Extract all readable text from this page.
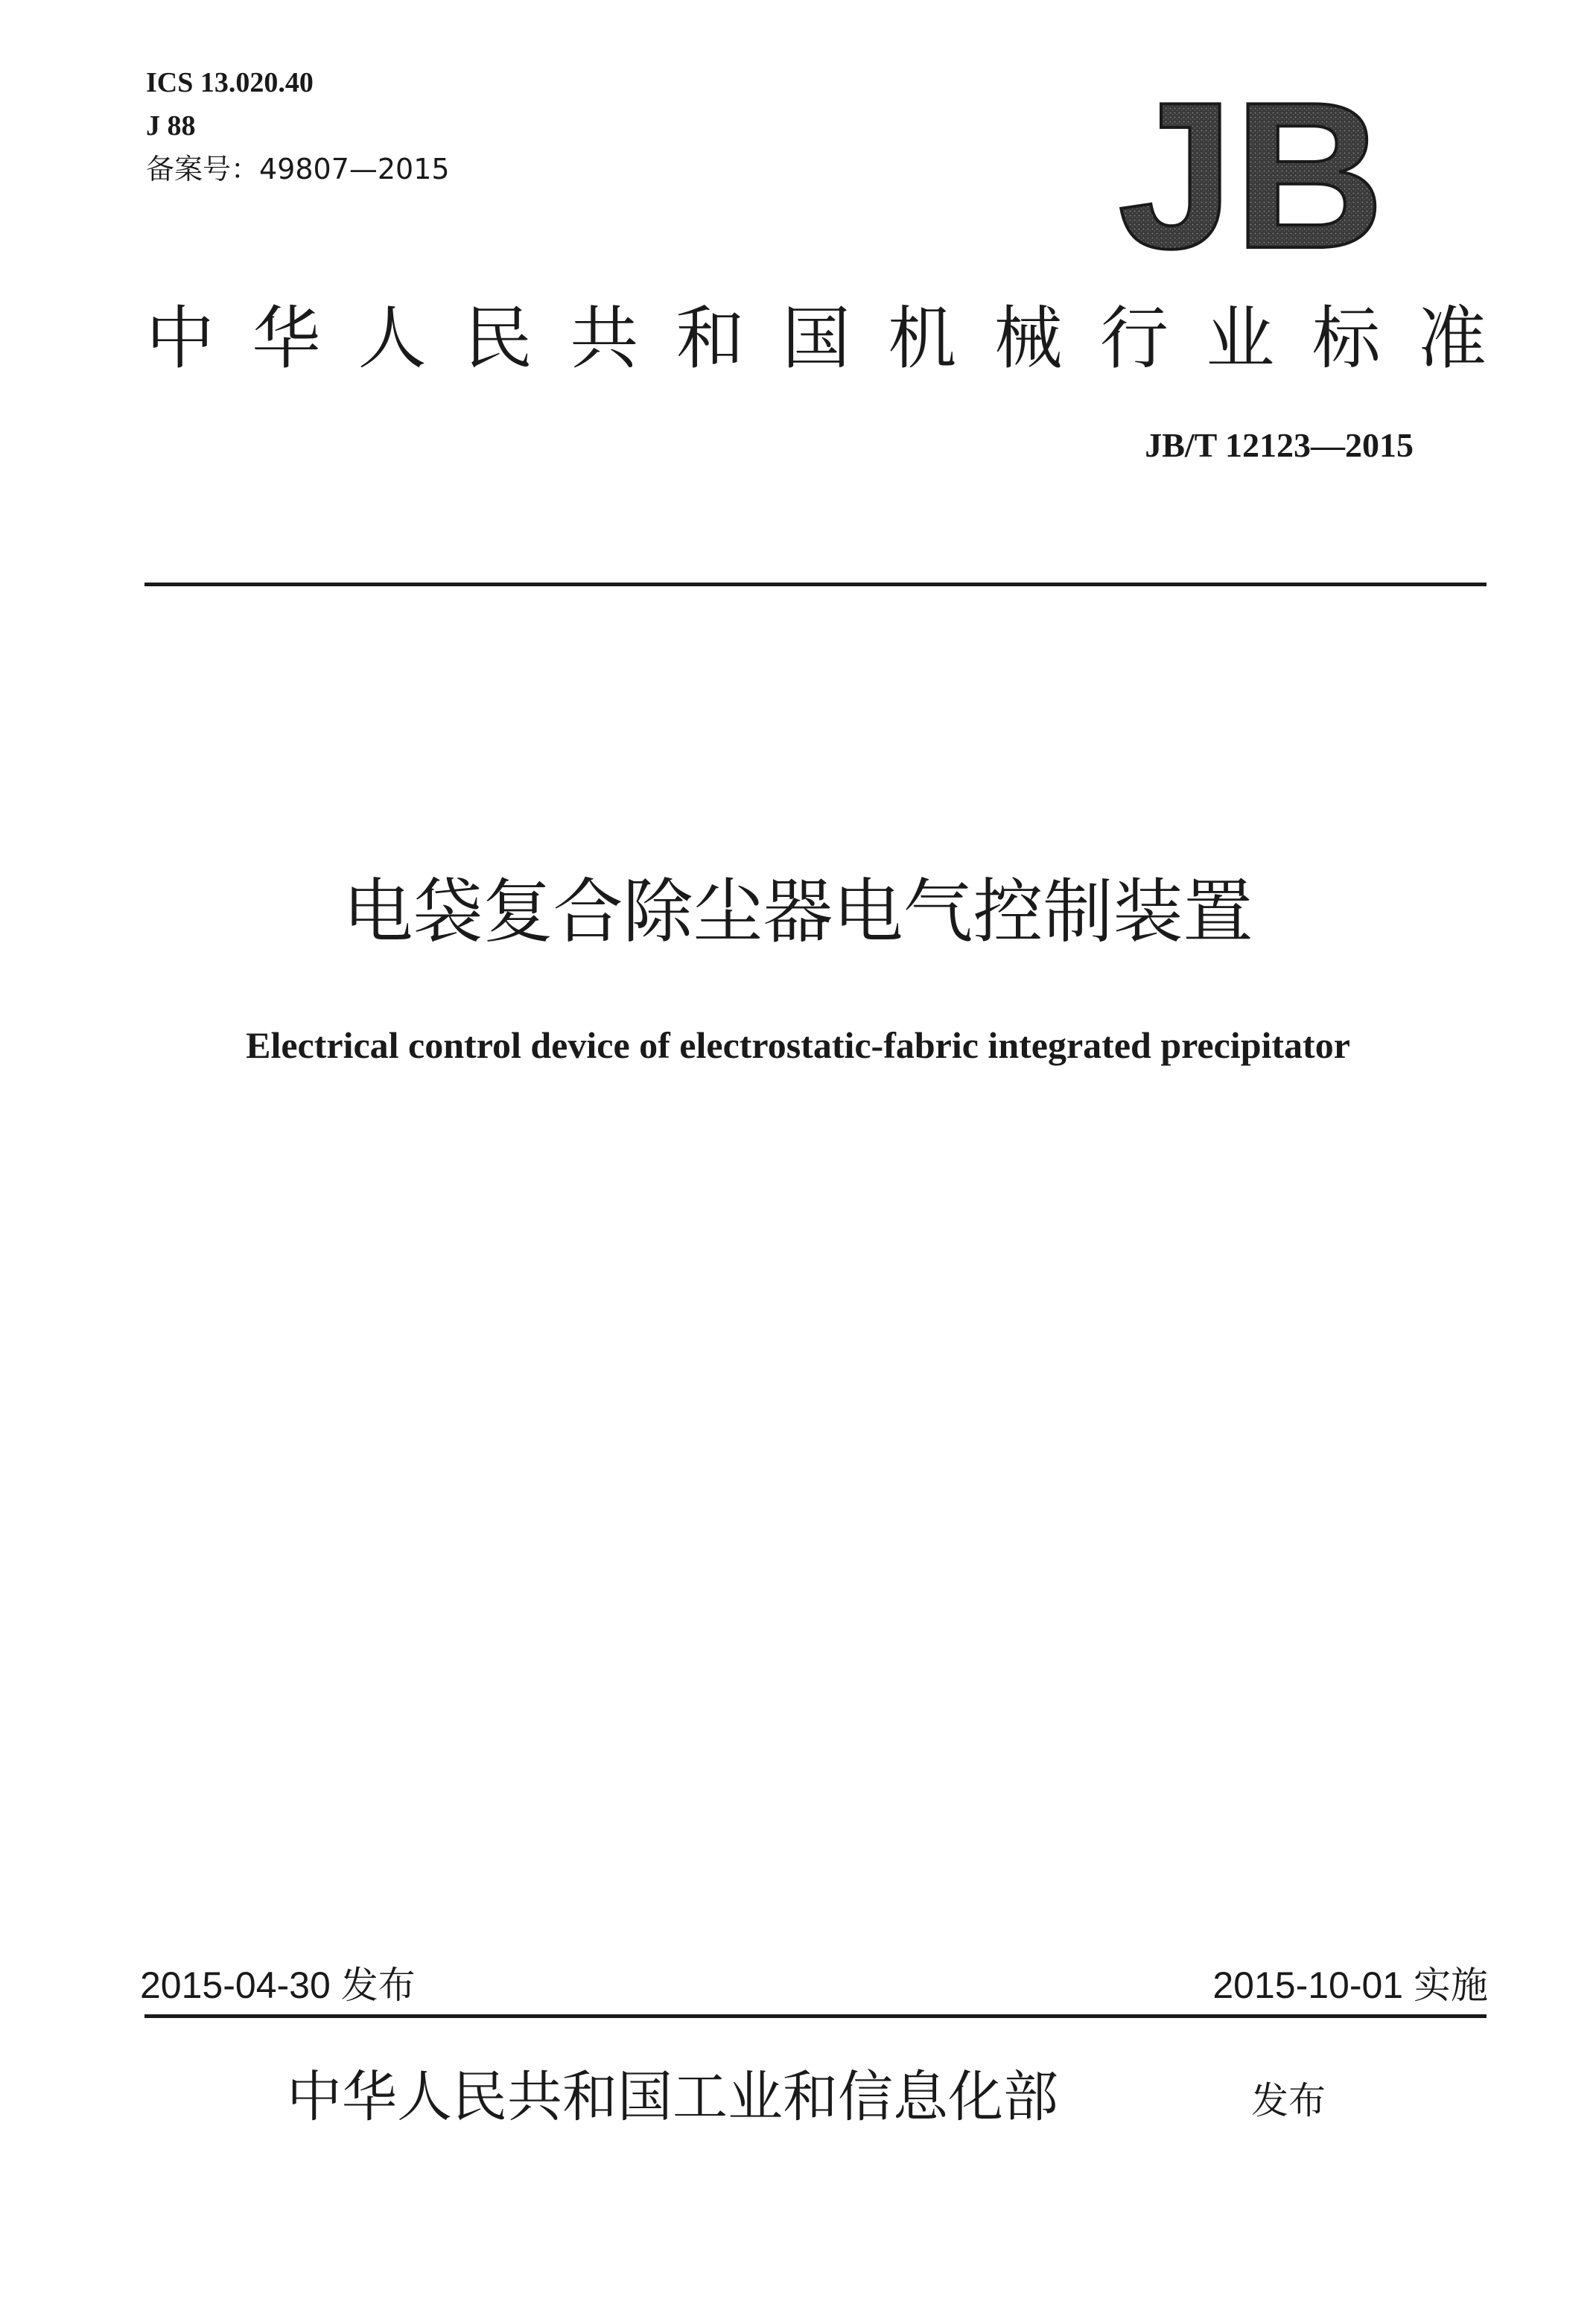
ICS 13.020.40
J 88
备案号：49807—2015	JB
中 华 人 民 共 和 国 机 械 行 业 标 准
JB/T 12123—2015
电袋复合除尘器电气控制装置
Electrical control device of electrostatic-fabric integrated precipitator
2015-04-30 发布	2015-10-01 实施
中华人民共和国工业和信息化部	发布
